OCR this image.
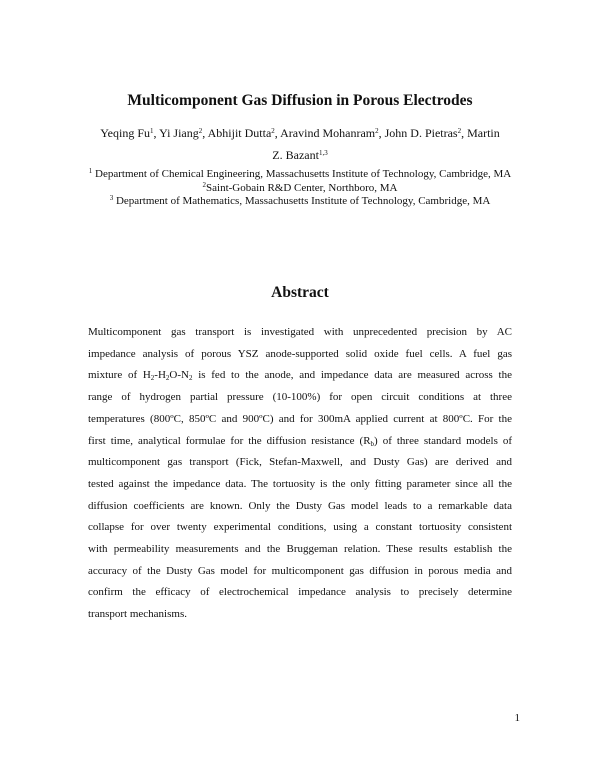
Multicomponent Gas Diffusion in Porous Electrodes
Yeqing Fu$^1$, Yi Jiang$^2$, Abhijit Dutta$^2$, Aravind Mohanram$^2$, John D. Pietras$^2$, Martin Z. Bazant$^{1,3}$
$^1$ Department of Chemical Engineering, Massachusetts Institute of Technology, Cambridge, MA
$^2$Saint-Gobain R&D Center, Northboro, MA
$^3$ Department of Mathematics, Massachusetts Institute of Technology, Cambridge, MA
Abstract
Multicomponent gas transport is investigated with unprecedented precision by AC
impedance analysis of porous YSZ anode-supported solid oxide fuel cells. A fuel gas
mixture of $H_2-H_2O-N_2$ is fed to the anode, and impedance data are measured across the
range of hydrogen partial pressure (10-100%) for open circuit conditions at three
temperatures (800ºC, 850ºC and 900ºC) and for 300mA applied current at 800ºC. For the
first time, analytical formulae for the diffusion resistance $(R_b)$ of three standard models of
multicomponent gas transport (Fick, Stefan-Maxwell, and Dusty Gas) are derived and
tested against the impedance data. The tortuosity is the only fitting parameter since all the
diffusion coefficients are known. Only the Dusty Gas model leads to a remarkable data
collapse for over twenty experimental conditions, using a constant tortuosity consistent
with permeability measurements and the Bruggeman relation. These results establish the
accuracy of the Dusty Gas model for multicomponent gas diffusion in porous media and
confirm the efficacy of electrochemical impedance analysis to precisely determine
transport mechanisms.
1
